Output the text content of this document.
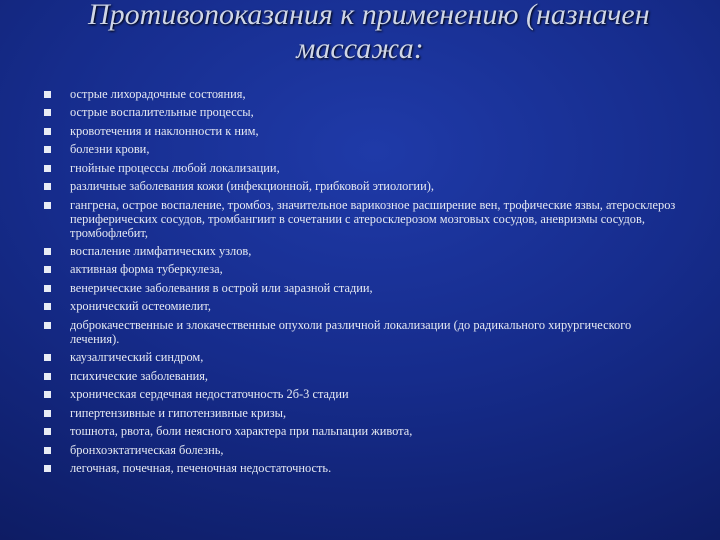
Противопоказания к применению (назначен
массажа:
острые лихорадочные состояния,
острые воспалительные процессы,
кровотечения и наклонности к ним,
болезни крови,
гнойные процессы любой локализации,
различные заболевания кожи (инфекционной, грибковой этиологии),
гангрена, острое воспаление, тромбоз, значительное варикозное расширение вен, трофические язвы, атеросклероз периферических сосудов, тромбангиит в сочетании с атеросклерозом мозговых сосудов, аневризмы сосудов, тромбофлебит,
воспаление лимфатических узлов,
активная форма туберкулеза,
венерические заболевания в острой или заразной стадии,
хронический остеомиелит,
доброкачественные и злокачественные опухоли различной локализации (до радикального хирургического лечения).
каузалгический синдром,
психические заболевания,
хроническая сердечная недостаточность 2б-3 стадии
гипертензивные и гипотензивные кризы,
тошнота, рвота, боли неясного характера при пальпации живота,
бронхоэктатическая болезнь,
легочная, почечная, печеночная недостаточность.
